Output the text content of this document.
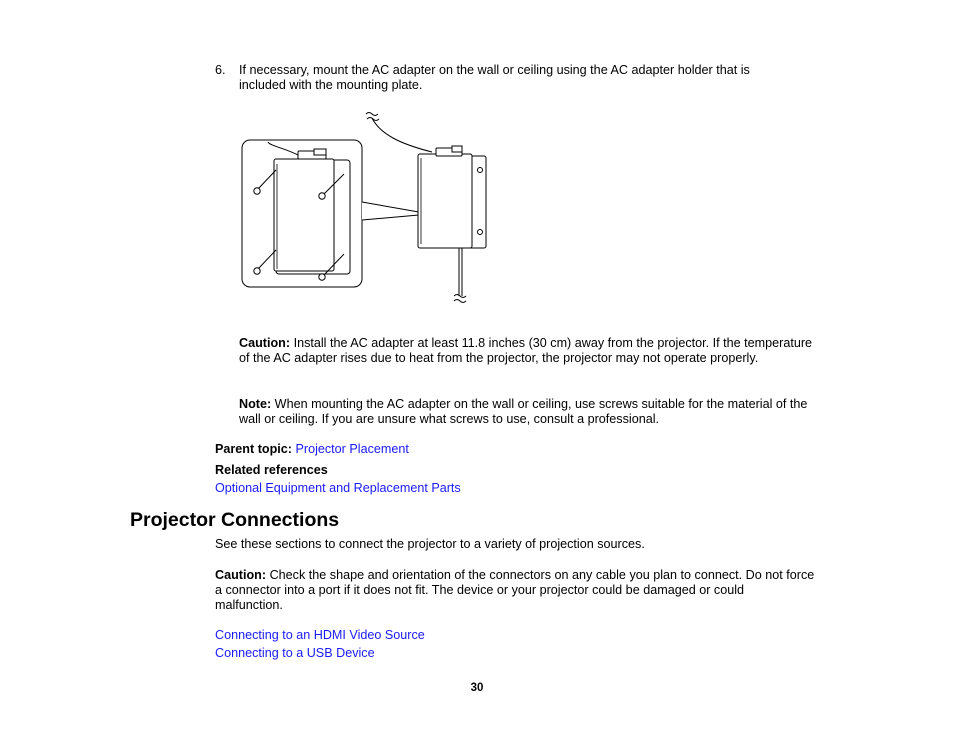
6. If necessary, mount the AC adapter on the wall or ceiling using the AC adapter holder that is included with the mounting plate.
Caution: Install the AC adapter at least 11.8 inches (30 cm) away from the projector. If the temperature of the AC adapter rises due to heat from the projector, the projector may not operate properly.
Note: When mounting the AC adapter on the wall or ceiling, use screws suitable for the material of the wall or ceiling. If you are unsure what screws to use, consult a professional.
Parent topic: Projector Placement
Related references
Optional Equipment and Replacement Parts
Projector Connections
See these sections to connect the projector to a variety of projection sources.
Caution: Check the shape and orientation of the connectors on any cable you plan to connect. Do not force a connector into a port if it does not fit. The device or your projector could be damaged or could malfunction.
Connecting to an HDMI Video Source
Connecting to a USB Device
30
